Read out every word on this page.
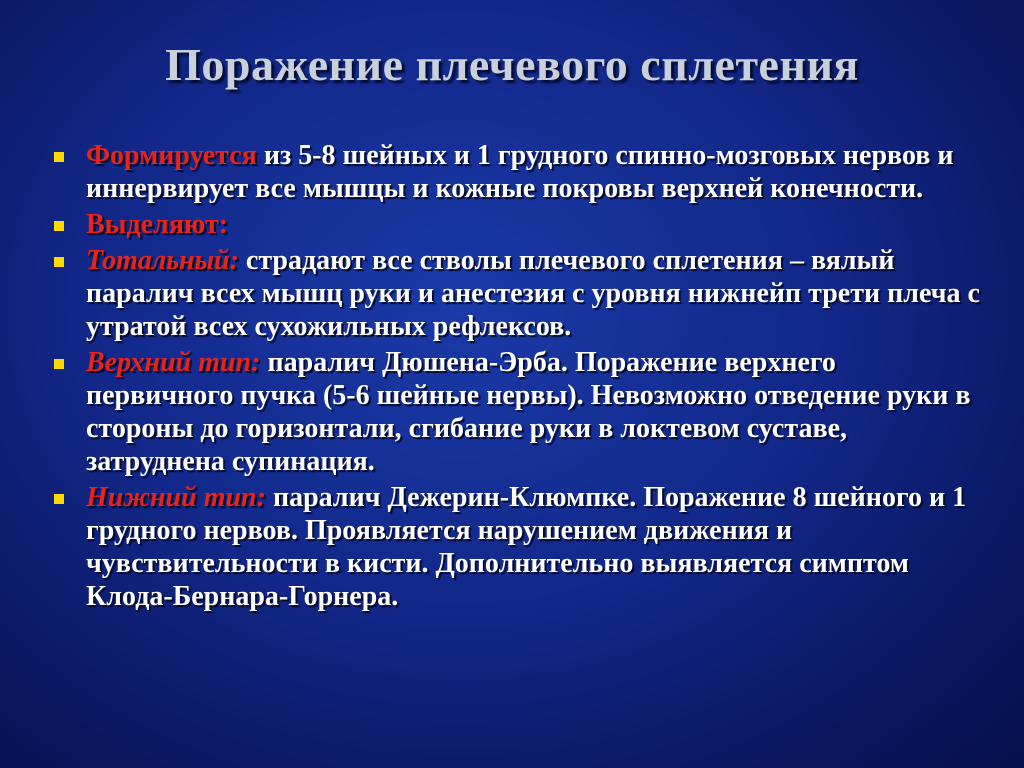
Поражение плечевого сплетения
Формируется из 5-8 шейных и 1 грудного спинно-мозговых нервов и иннервирует все мышцы и кожные покровы верхней конечности.
Выделяют:
Тотальный: страдают все стволы плечевого сплетения – вялый паралич всех мышц руки и анестезия с уровня нижнейп трети плеча с утратой всех сухожильных рефлексов.
Верхний тип: паралич Дюшена-Эрба. Поражение верхнего первичного пучка (5-6 шейные нервы). Невозможно отведение руки в стороны до горизонтали, сгибание руки в локтевом суставе, затруднена супинация.
Нижний тип: паралич Дежерин-Клюмпке. Поражение 8 шейного и 1 грудного нервов. Проявляется нарушением движения и чувствительности в кисти. Дополнительно выявляется симптом Клода-Бернара-Горнера.
